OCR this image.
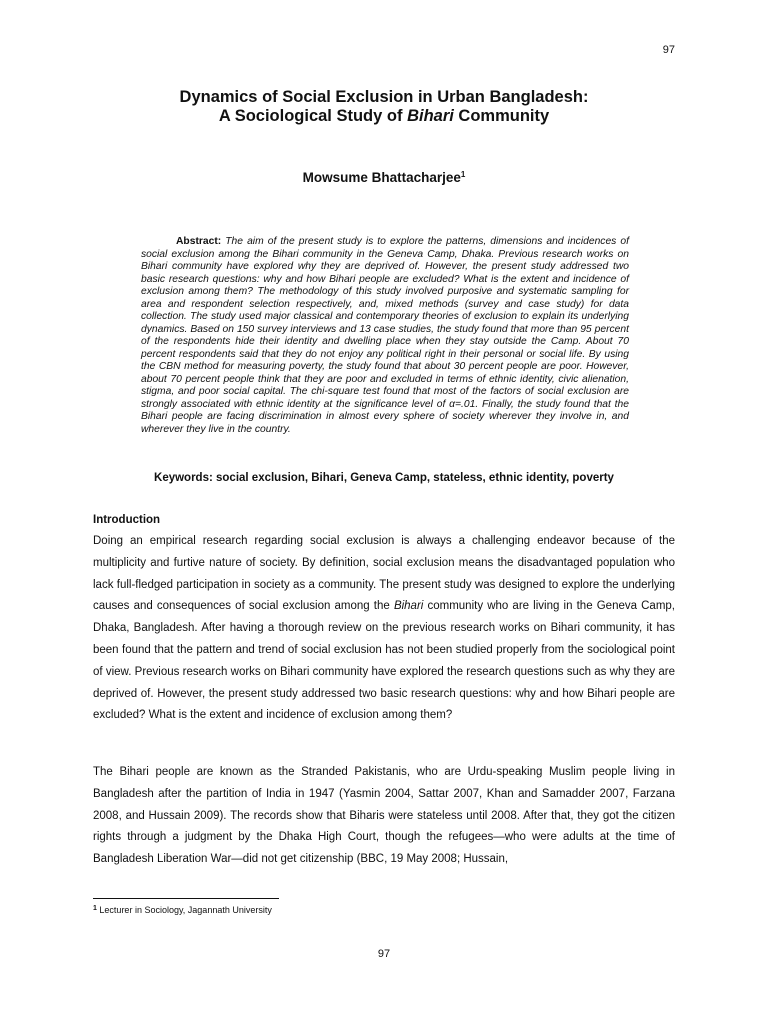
97
Dynamics of Social Exclusion in Urban Bangladesh:
A Sociological Study of Bihari Community
Mowsume Bhattacharjee$^1$
Abstract: The aim of the present study is to explore the patterns, dimensions and incidences of social exclusion among the Bihari community in the Geneva Camp, Dhaka. Previous research works on Bihari community have explored why they are deprived of. However, the present study addressed two basic research questions: why and how Bihari people are excluded? What is the extent and incidence of exclusion among them? The methodology of this study involved purposive and systematic sampling for area and respondent selection respectively, and, mixed methods (survey and case study) for data collection. The study used major classical and contemporary theories of exclusion to explain its underlying dynamics. Based on 150 survey interviews and 13 case studies, the study found that more than 95 percent of the respondents hide their identity and dwelling place when they stay outside the Camp. About 70 percent respondents said that they do not enjoy any political right in their personal or social life. By using the CBN method for measuring poverty, the study found that about 30 percent people are poor. However, about 70 percent people think that they are poor and excluded in terms of ethnic identity, civic alienation, stigma, and poor social capital. The chi-square test found that most of the factors of social exclusion are strongly associated with ethnic identity at the significance level of α=.01. Finally, the study found that the Bihari people are facing discrimination in almost every sphere of society wherever they involve in, and wherever they live in the country.
Keywords: social exclusion, Bihari, Geneva Camp, stateless, ethnic identity, poverty
Introduction
Doing an empirical research regarding social exclusion is always a challenging endeavor because of the multiplicity and furtive nature of society. By definition, social exclusion means the disadvantaged population who lack full-fledged participation in society as a community. The present study was designed to explore the underlying causes and consequences of social exclusion among the Bihari community who are living in the Geneva Camp, Dhaka, Bangladesh. After having a thorough review on the previous research works on Bihari community, it has been found that the pattern and trend of social exclusion has not been studied properly from the sociological point of view. Previous research works on Bihari community have explored the research questions such as why they are deprived of. However, the present study addressed two basic research questions: why and how Bihari people are excluded? What is the extent and incidence of exclusion among them?
The Bihari people are known as the Stranded Pakistanis, who are Urdu-speaking Muslim people living in Bangladesh after the partition of India in 1947 (Yasmin 2004, Sattar 2007, Khan and Samadder 2007, Farzana 2008, and Hussain 2009). The records show that Biharis were stateless until 2008. After that, they got the citizen rights through a judgment by the Dhaka High Court, though the refugees—who were adults at the time of Bangladesh Liberation War—did not get citizenship (BBC, 19 May 2008; Hussain,
$^1$ Lecturer in Sociology, Jagannath University
97
